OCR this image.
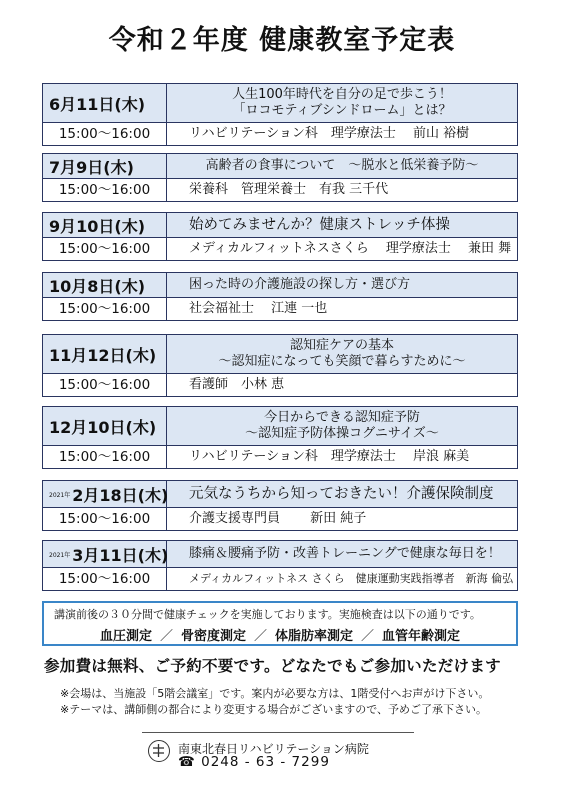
令和２年度 健康教室予定表
6月11日(木)	人生100年時代を自分の足で歩こう！
「ロコモティブシンドローム」とは？
15:00～16:00	リハビリテーション科　理学療法士　 前山 裕樹
7月9日(木)	高齢者の食事について　～脱水と低栄養予防～
15:00～16:00	栄養科　管理栄養士　有我 三千代
9月10日(木)	始めてみませんか？健康ストレッチ体操
15:00～16:00	メディカルフィットネスさくら　 理学療法士　 兼田 舞
10月8日(木)	困った時の介護施設の探し方・選び方
15:00～16:00	社会福祉士　 江連 一也
11月12日(木)	認知症ケアの基本
～認知症になっても笑顔で暮らすために～
15:00～16:00	看護師　小林 恵
12月10日(木)	今日からできる認知症予防
～認知症予防体操コグニサイズ～
15:00～16:00	リハビリテーション科　理学療法士　 岸浪 麻美
2021年 2月18日(木) 元気なうちから知っておきたい！介護保険制度
15:00～16:00	介護支援専門員　　 新田 純子
2021年 3月11日(木) 膝痛＆腰痛予防・改善トレーニングで健康な毎日を！
15:00～16:00	メディカルフィットネス さくら　健康運動実践指導者　新海 倫弘
講演前後の３０分間で健康チェックを実施しております。実施検査は以下の通りです。
血圧測定 ／ 骨密度測定 ／ 体脂肪率測定 ／ 血管年齢測定
参加費は無料、ご予約不要です。どなたでもご参加いただけます
※会場は、当施設「5階会議室」です。案内が必要な方は、1階受付へお声がけ下さい。
※テーマは、講師側の都合により変更する場合がございますので、予めご了承下さい。
南東北春日リハビリテーション病院
☎ 0248 - 63 - 7299
